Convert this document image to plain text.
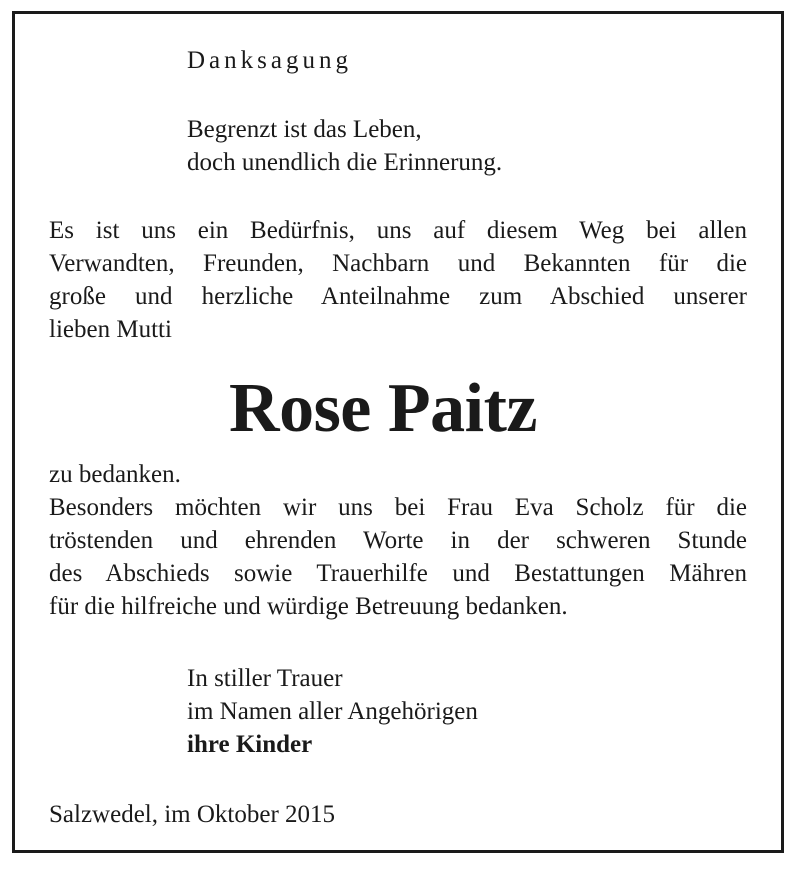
Danksagung
Begrenzt ist das Leben,
doch unendlich die Erinnerung.
Es ist uns ein Bedürfnis, uns auf diesem Weg bei allen
Verwandten, Freunden, Nachbarn und Bekannten für die
große und herzliche Anteilnahme zum Abschied unserer
lieben Mutti
Rose Paitz
zu bedanken.
Besonders möchten wir uns bei Frau Eva Scholz für die
tröstenden und ehrenden Worte in der schweren Stunde
des Abschieds sowie Trauerhilfe und Bestattungen Mähren
für die hilfreiche und würdige Betreuung bedanken.
In stiller Trauer
im Namen aller Angehörigen
ihre Kinder
Salzwedel, im Oktober 2015
